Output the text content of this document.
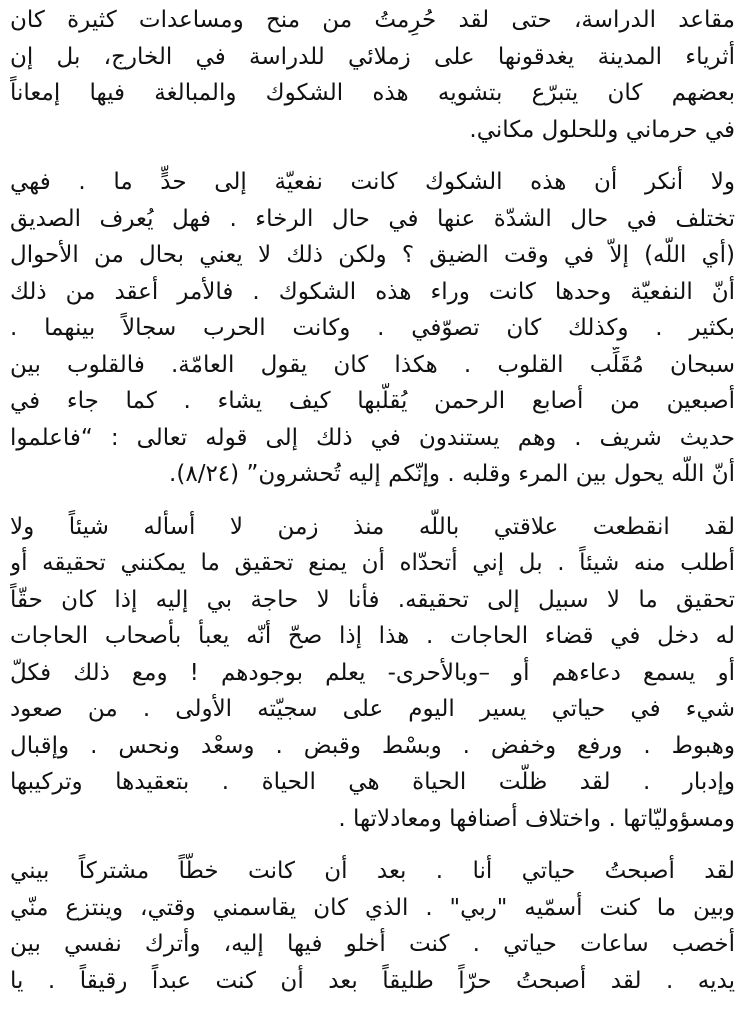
مقاعد الدراسة، حتى لقد حُرِمتُ من منح ومساعدات كثيرة كان
أثرياء المدينة يغدقونها على زملائي للدراسة في الخارج، بل إن
بعضهم كان يتبرّع بتشويه هذه الشكوك والمبالغة فيها إمعاناً
في حرماني وللحلول مكاني.
ولا أنكر أن هذه الشكوك كانت نفعيّة إلى حدٍّ ما . فهي
تختلف في حال الشدّة عنها في حال الرخاء . فهل يُعرف الصديق
(أي اللّه) إلاّ في وقت الضيق ؟ ولكن ذلك لا يعني بحال من الأحوال
أنّ النفعيّة وحدها كانت وراء هذه الشكوك . فالأمر أعقد من ذلك
بكثير . وكذلك كان تصوّفي . وكانت الحرب سجالاً بينهما .
سبحان مُقَلِّب القلوب . هكذا كان يقول العامّة. فالقلوب بين
أصبعين من أصابع الرحمن يُقلّبها كيف يشاء . كما جاء في
حديث شريف . وهم يستندون في ذلك إلى قوله تعالى : “فاعلموا
أنّ اللّه يحول بين المرء وقلبه . وإنّكم إليه تُحشرون” (٨/٢٤).
لقد انقطعت علاقتي باللّه منذ زمن لا أسأله شيئاً ولا
أطلب منه شيئاً . بل إني أتحدّاه أن يمنع تحقيق ما يمكنني تحقيقه أو
تحقيق ما لا سبيل إلى تحقيقه. فأنا لا حاجة بي إليه إذا كان حقّاً
له دخل في قضاء الحاجات . هذا إذا صحّ أنّه يعبأ بأصحاب الحاجات
أو يسمع دعاءهم أو –وبالأحرى- يعلم بوجودهم ! ومع ذلك فكلّ
شيء في حياتي يسير اليوم على سجيّته الأولى . من صعود
وهبوط . ورفع وخفض . وبسْط وقبض . وسعْد ونحس . وإقبال
وإدبار . لقد ظلّت الحياة هي الحياة . بتعقيدها وتركيبها
ومسؤوليّاتها . واختلاف أصنافها ومعادلاتها .
لقد أصبحتُ حياتي أنا . بعد أن كانت خطّاً مشتركاً بيني
وبين ما كنت أسمّيه "ربي" . الذي كان يقاسمني وقتي، وينتزع منّي
أخصب ساعات حياتي . كنت أخلو فيها إليه، وأترك نفسي بين
يديه . لقد أصبحتُ حرّاً طليقاً بعد أن كنت عبداً رقيقاً . يا
